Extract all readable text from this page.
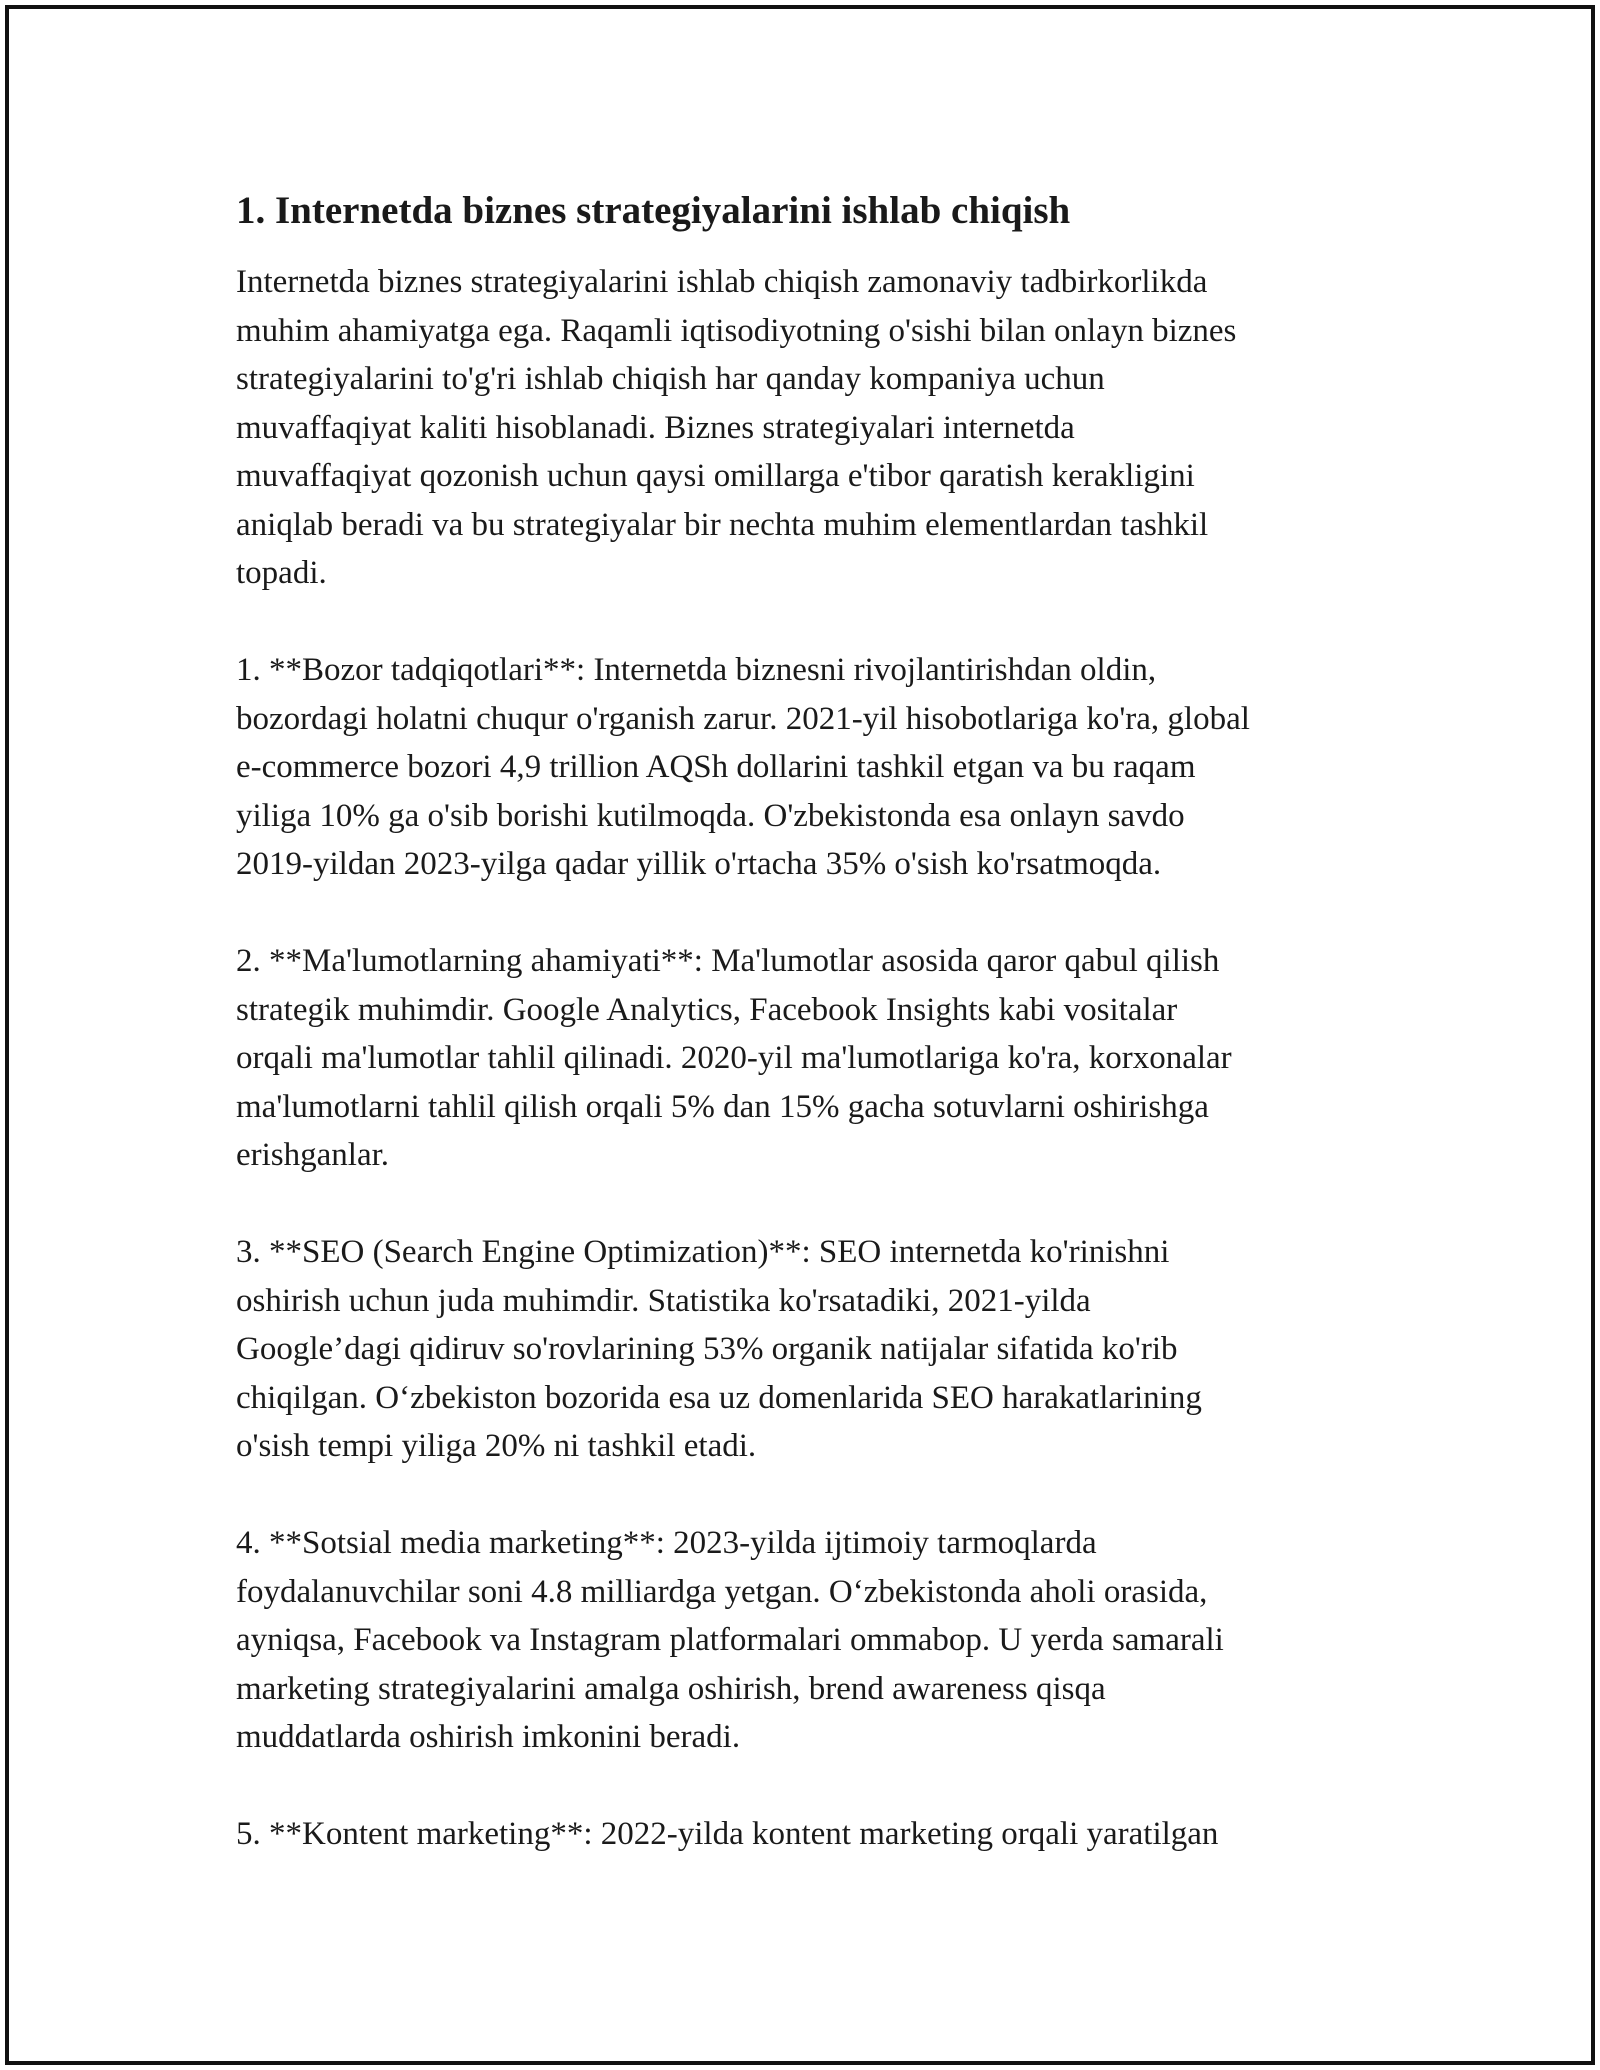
1. Internetda biznes strategiyalarini ishlab chiqish
Internetda biznes strategiyalarini ishlab chiqish zamonaviy tadbirkorlikda
muhim ahamiyatga ega. Raqamli iqtisodiyotning o'sishi bilan onlayn biznes
strategiyalarini to'g'ri ishlab chiqish har qanday kompaniya uchun
muvaffaqiyat kaliti hisoblanadi. Biznes strategiyalari internetda
muvaffaqiyat qozonish uchun qaysi omillarga e'tibor qaratish kerakligini
aniqlab beradi va bu strategiyalar bir nechta muhim elementlardan tashkil
topadi.
1. **Bozor tadqiqotlari**: Internetda biznesni rivojlantirishdan oldin,
bozordagi holatni chuqur o'rganish zarur. 2021-yil hisobotlariga ko'ra, global
e-commerce bozori 4,9 trillion AQSh dollarini tashkil etgan va bu raqam
yiliga 10% ga o'sib borishi kutilmoqda. O'zbekistonda esa onlayn savdo
2019-yildan 2023-yilga qadar yillik o'rtacha 35% o'sish ko'rsatmoqda.
2. **Ma'lumotlarning ahamiyati**: Ma'lumotlar asosida qaror qabul qilish
strategik muhimdir. Google Analytics, Facebook Insights kabi vositalar
orqali ma'lumotlar tahlil qilinadi. 2020-yil ma'lumotlariga ko'ra, korxonalar
ma'lumotlarni tahlil qilish orqali 5% dan 15% gacha sotuvlarni oshirishga
erishganlar.
3. **SEO (Search Engine Optimization)**: SEO internetda ko'rinishni
oshirish uchun juda muhimdir. Statistika ko'rsatadiki, 2021-yilda
Google’dagi qidiruv so'rovlarining 53% organik natijalar sifatida ko'rib
chiqilgan. O‘zbekiston bozorida esa uz domenlarida SEO harakatlarining
o'sish tempi yiliga 20% ni tashkil etadi.
4. **Sotsial media marketing**: 2023-yilda ijtimoiy tarmoqlarda
foydalanuvchilar soni 4.8 milliardga yetgan. O‘zbekistonda aholi orasida,
ayniqsa, Facebook va Instagram platformalari ommabop. U yerda samarali
marketing strategiyalarini amalga oshirish, brend awareness qisqa
muddatlarda oshirish imkonini beradi.
5. **Kontent marketing**: 2022-yilda kontent marketing orqali yaratilgan
